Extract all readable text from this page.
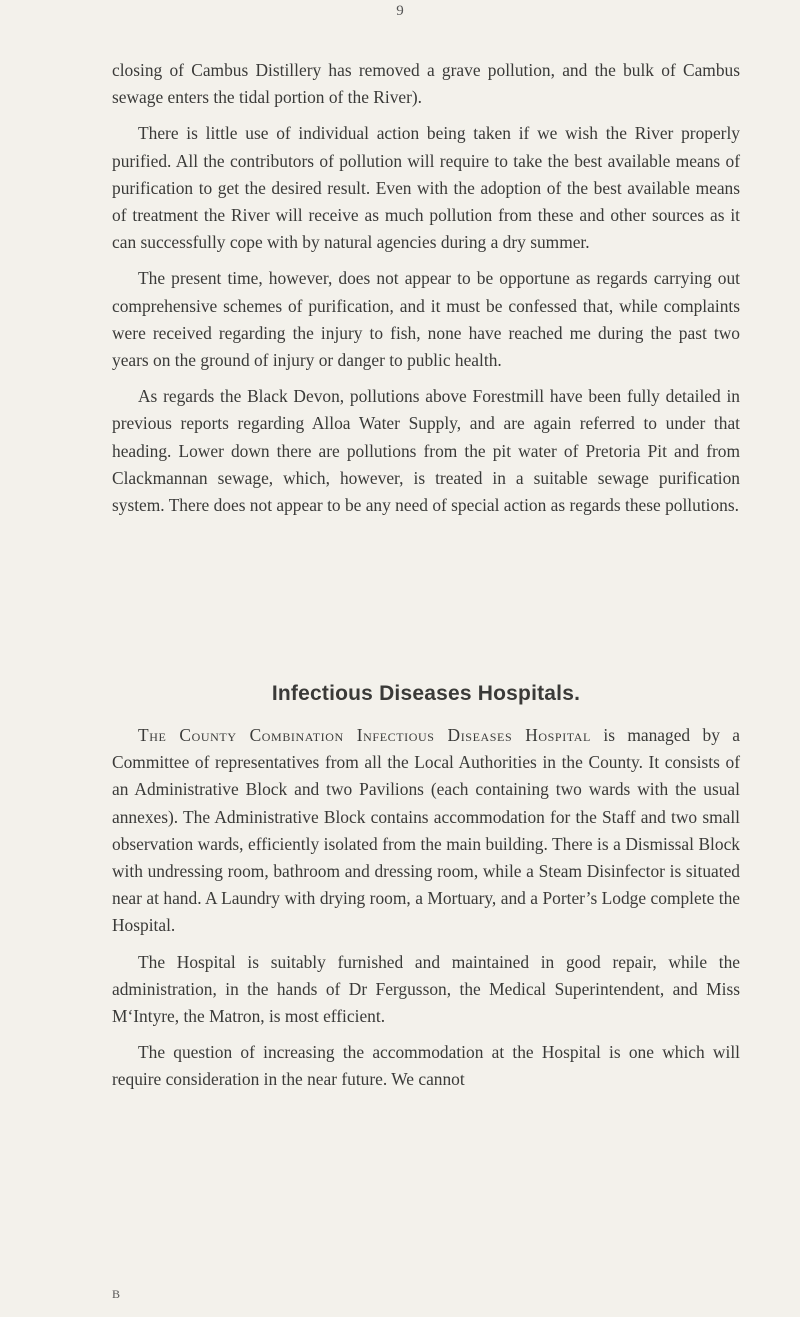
9

closing of Cambus Distillery has removed a grave pollution, and the bulk of Cambus sewage enters the tidal portion of the River).

There is little use of individual action being taken if we wish the River properly purified. All the contributors of pollution will require to take the best available means of purification to get the desired result. Even with the adoption of the best available means of treatment the River will receive as much pollution from these and other sources as it can successfully cope with by natural agencies during a dry summer.

The present time, however, does not appear to be opportune as regards carrying out comprehensive schemes of purification, and it must be confessed that, while complaints were received regarding the injury to fish, none have reached me during the past two years on the ground of injury or danger to public health.

As regards the Black Devon, pollutions above Forestmill have been fully detailed in previous reports regarding Alloa Water Supply, and are again referred to under that heading. Lower down there are pollutions from the pit water of Pretoria Pit and from Clackmannan sewage, which, however, is treated in a suitable sewage purification system. There does not appear to be any need of special action as regards these pollutions.

Infectious Diseases Hospitals.

The County Combination Infectious Diseases Hospital is managed by a Committee of representatives from all the Local Authorities in the County. It consists of an Administrative Block and two Pavilions (each containing two wards with the usual annexes). The Administrative Block contains accommodation for the Staff and two small observation wards, efficiently isolated from the main building. There is a Dismissal Block with undressing room, bathroom and dressing room, while a Steam Disinfector is situated near at hand. A Laundry with drying room, a Mortuary, and a Porter’s Lodge complete the Hospital.

The Hospital is suitably furnished and maintained in good repair, while the administration, in the hands of Dr Fergusson, the Medical Superintendent, and Miss M‘Intyre, the Matron, is most efficient.

The question of increasing the accommodation at the Hospital is one which will require consideration in the near future. We cannot

B
